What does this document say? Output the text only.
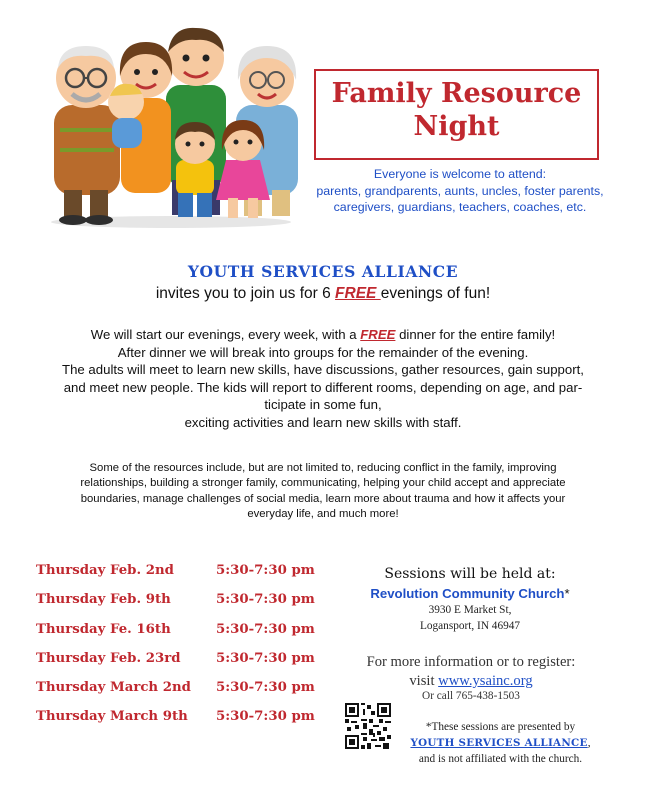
Family Resource
Night
Everyone is welcome to attend:
parents, grandparents, aunts, uncles, foster parents,
caregivers, guardians, teachers, coaches, etc.
YOUTH SERVICES ALLIANCE
invites you to join us for 6 FREE evenings of fun!
We will start our evenings, every week, with a FREE dinner for the entire family!
After dinner we will break into groups for the remainder of the evening.
The adults will meet to learn new skills, have discussions, gather resources, gain support,
and meet new people. The kids will report to different rooms, depending on age, and par-
ticipate in some fun,
exciting activities and learn new skills with staff.
Some of the resources include, but are not limited to, reducing conflict in the family, improving
relationships, building a stronger family, communicating, helping your child accept and appreciate
boundaries, manage challenges of social media, learn more about trauma and how it affects your
everyday life, and much more!
Thursday Feb. 2nd	5:30-7:30 pm
Thursday Feb. 9th	5:30-7:30 pm
Thursday Fe. 16th	5:30-7:30 pm
Thursday Feb. 23rd	5:30-7:30 pm
Thursday March 2nd 5:30-7:30 pm
Thursday March 9th 5:30-7:30 pm
Sessions will be held at:
Revolution Community Church*
3930 E Market St,
Logansport, IN 46947
For more information or to register:
visit www.ysainc.org
Or call 765-438-1503
*These sessions are presented by
YOUTH SERVICES ALLIANCE,
and is not affiliated with the church.
